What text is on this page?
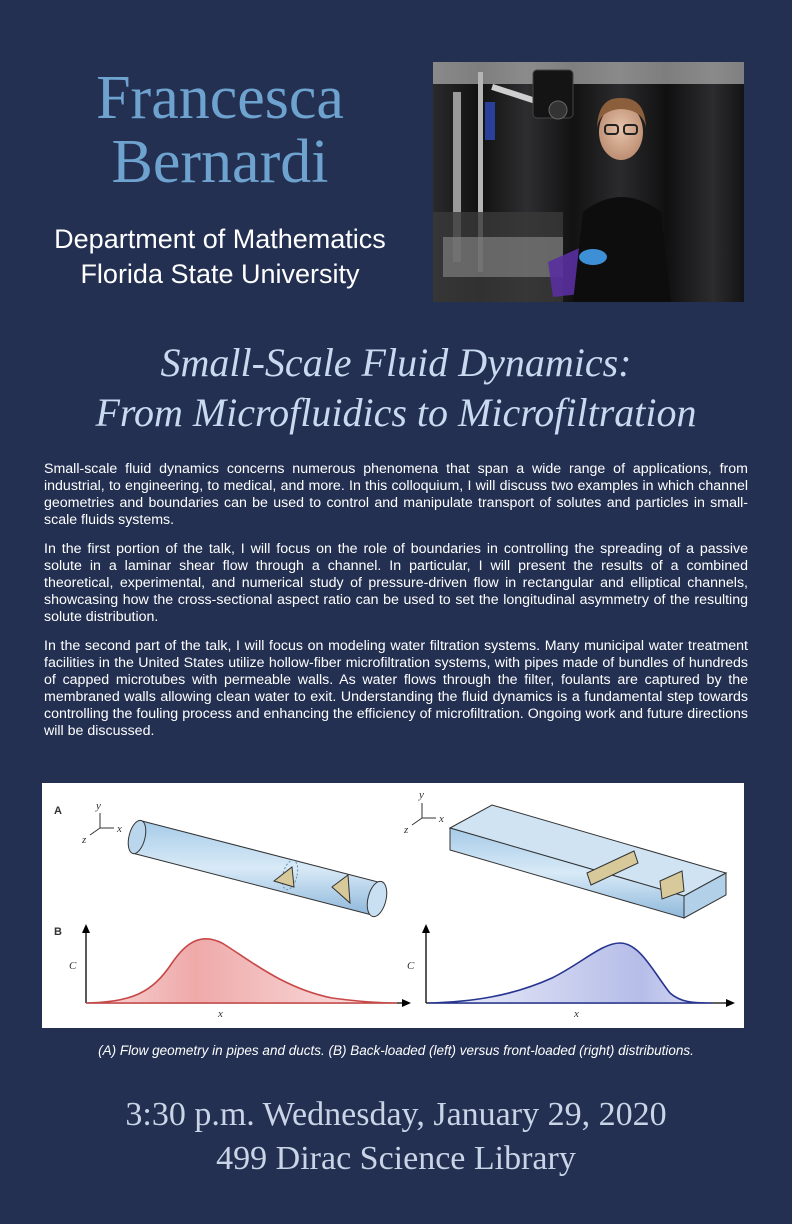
Francesca
Bernardi
Department of Mathematics
Florida State University
Small-Scale Fluid Dynamics:
From Microfluidics to Microfiltration

Small-scale fluid dynamics concerns numerous phenomena that span a wide range of applications, from industrial, to engineering, to medical, and more. In this colloquium, I will discuss two examples in which channel geometries and boundaries can be used to control and manipulate transport of solutes and particles in small-scale fluids systems.

In the first portion of the talk, I will focus on the role of boundaries in controlling the spreading of a passive solute in a laminar shear flow through a channel. In particular, I will present the results of a combined theoretical, experimental, and numerical study of pressure-driven flow in rectangular and elliptical channels, showcasing how the cross-sectional aspect ratio can be used to set the longitudinal asymmetry of the resulting solute distribution.

In the second part of the talk, I will focus on modeling water filtration systems. Many municipal water treatment facilities in the United States utilize hollow-fiber microfiltration systems, with pipes made of bundles of hundreds of capped microtubes with permeable walls. As water flows through the filter, foulants are captured by the membraned walls allowing clean water to exit. Understanding the fluid dynamics is a fundamental step towards controlling the fouling process and enhancing the efficiency of microfiltration. Ongoing work and future directions will be discussed.

A
B
y
x
z
y
x
z
C
x
C
x
(A) Flow geometry in pipes and ducts. (B) Back-loaded (left) versus front-loaded (right) distributions.
3:30 p.m. Wednesday, January 29, 2020
499 Dirac Science Library
